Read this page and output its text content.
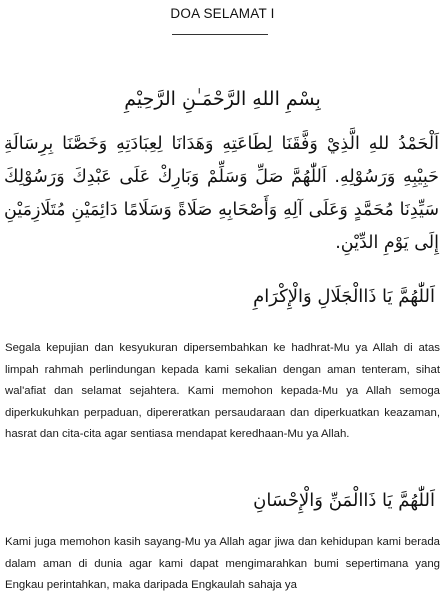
DOA SELAMAT I
بِسْمِ اللهِ الرَّحْمَـٰنِ الرَّحِيْمِ
اَلْحَمْدُ للهِ الَّذِيْ وَفَّقَنَا لِطَاعَتِهِ وَهَدَانَا لِعِبَادَتِهِ وَخَصَّنَا بِرِسَالَةِ حَبِيْبِهِ وَرَسُوْلِهِ. اَللّٰهُمَّ صَلِّ وَسَلِّمْ وَبَارِكْ عَلَى عَبْدِكَ وَرَسُوْلِكَ سَيِّدِنَا مُحَمَّدٍ وَعَلَى آلِهِ وَأَصْحَابِهِ صَلَاةً وَسَلَامًا دَائِمَيْنِ مُتَلَازِمَيْنِ إِلَى يَوْمِ الدِّيْنِ.
اَللّٰهُمَّ يَا ذَاالْجَلَالِ وَالْإِكْرَامِ
Segala kepujian dan kesyukuran dipersembahkan ke hadhrat-Mu ya Allah di atas limpah rahmah perlindungan kepada kami sekalian dengan aman tenteram, sihat wal'afiat dan selamat sejahtera. Kami memohon kepada-Mu ya Allah semoga diperkukuhkan perpaduan, dipereratkan persaudaraan dan diperkuatkan keazaman, hasrat dan cita-cita agar sentiasa mendapat keredhaan-Mu ya Allah.
اَللّٰهُمَّ يَا ذَاالْمَنِّ وَالْإِحْسَانِ
Kami juga memohon kasih sayang-Mu ya Allah agar jiwa dan kehidupan kami berada dalam aman di dunia agar kami dapat mengimarahkan bumi sepertimana yang Engkau perintahkan, maka daripada Engkaulah sahaja ya
